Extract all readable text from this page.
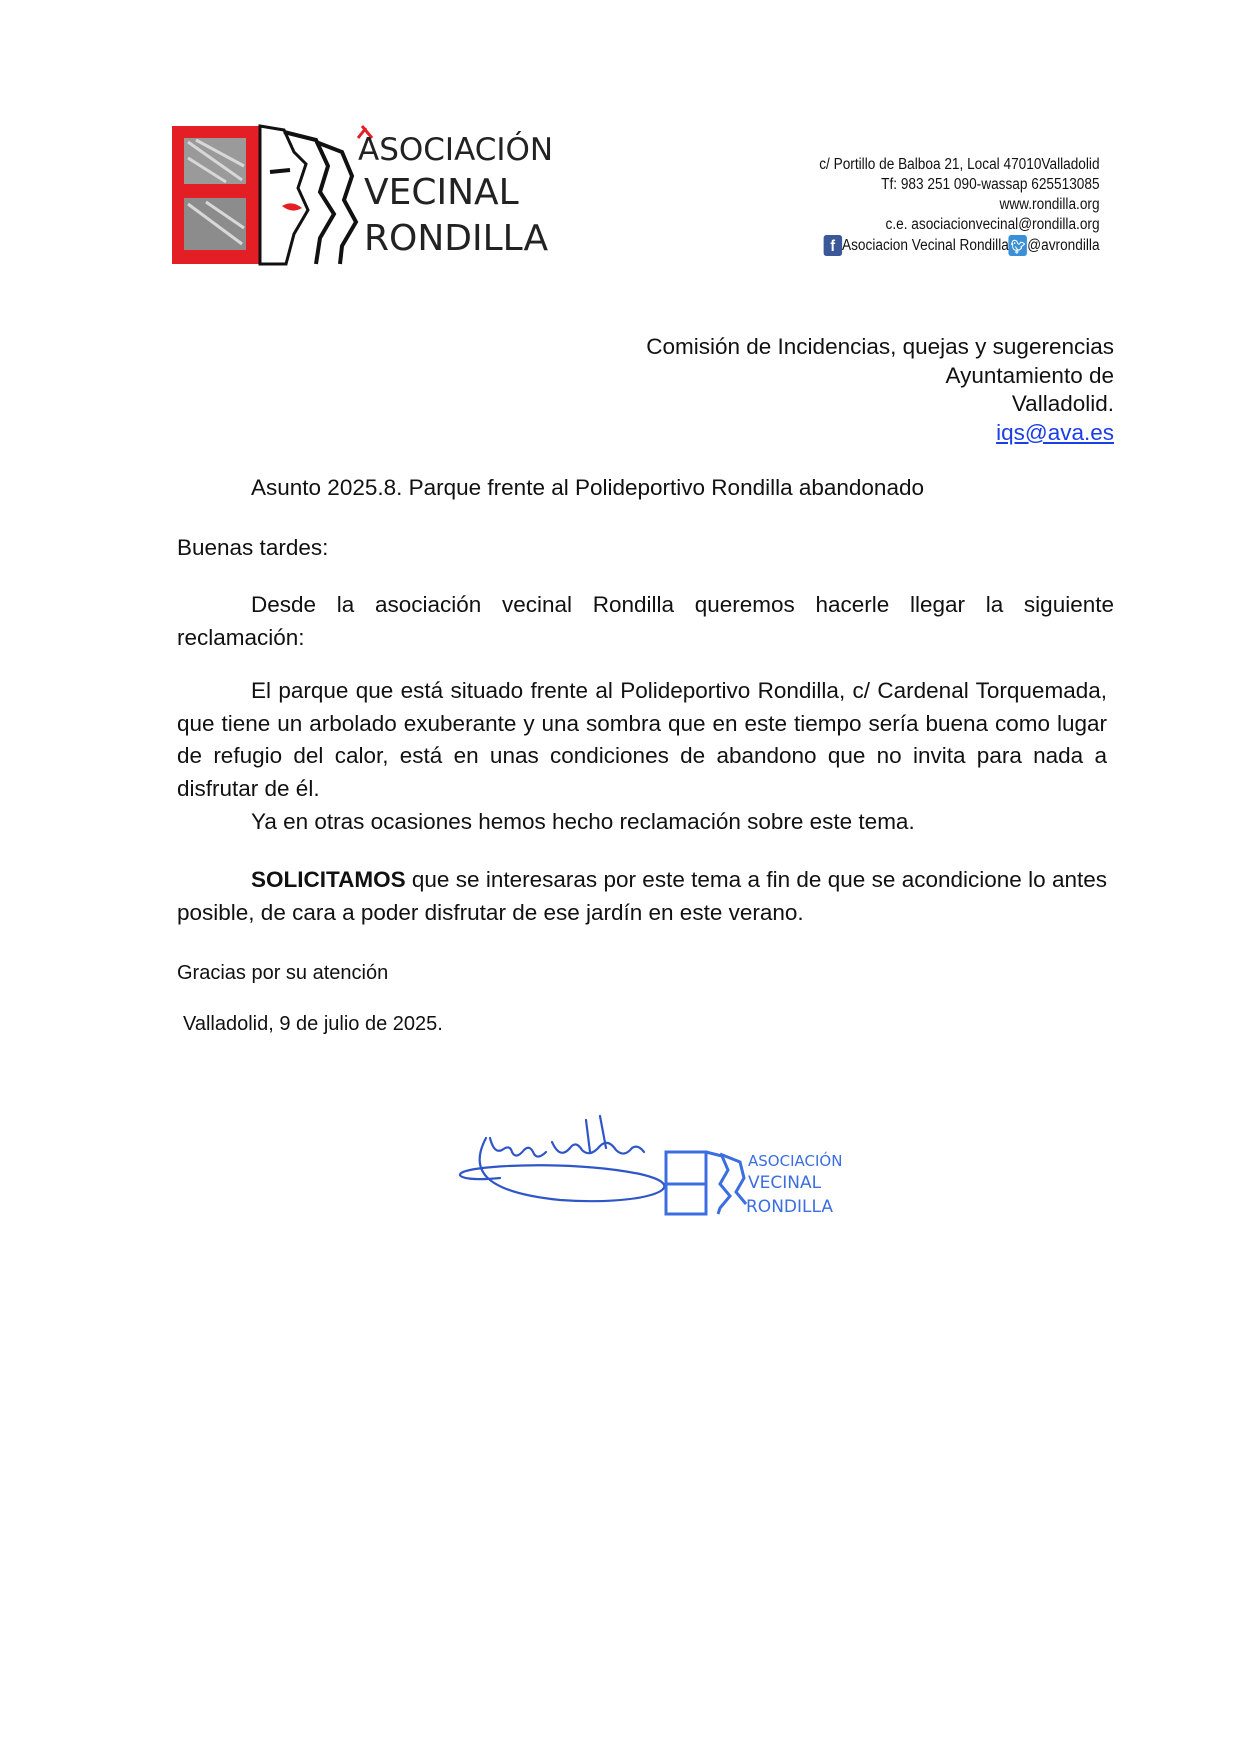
ASOCIACIÓN
VECINAL
RONDILLA
c/ Portillo de Balboa 21, Local 47010Valladolid
Tf: 983 251 090-wassap 625513085
www.rondilla.org
c.e. asociacionvecinal@rondilla.org
f Asociacion Vecinal Rondilla 🐦︎ @avrondilla
Comisión de Incidencias, quejas y sugerencias
Ayuntamiento de
Valladolid.
iqs@ava.es
Asunto 2025.8. Parque frente al Polideportivo Rondilla abandonado
Buenas tardes:
Desde la asociación vecinal Rondilla queremos hacerle llegar la siguiente reclamación:
El parque que está situado frente al Polideportivo Rondilla, c/ Cardenal Torquemada, que tiene un arbolado exuberante y una sombra que en este tiempo sería buena como lugar de refugio del calor, está en unas condiciones de abandono que no invita para nada a disfrutar de él.
Ya en otras ocasiones hemos hecho reclamación sobre este tema.
SOLICITAMOS que se interesaras por este tema a fin de que se acondicione lo antes posible, de cara a poder disfrutar de ese jardín en este verano.
Gracias por su atención
Valladolid, 9 de julio de 2025.
ASOCIACIÓN
VECINAL
RONDILLA
